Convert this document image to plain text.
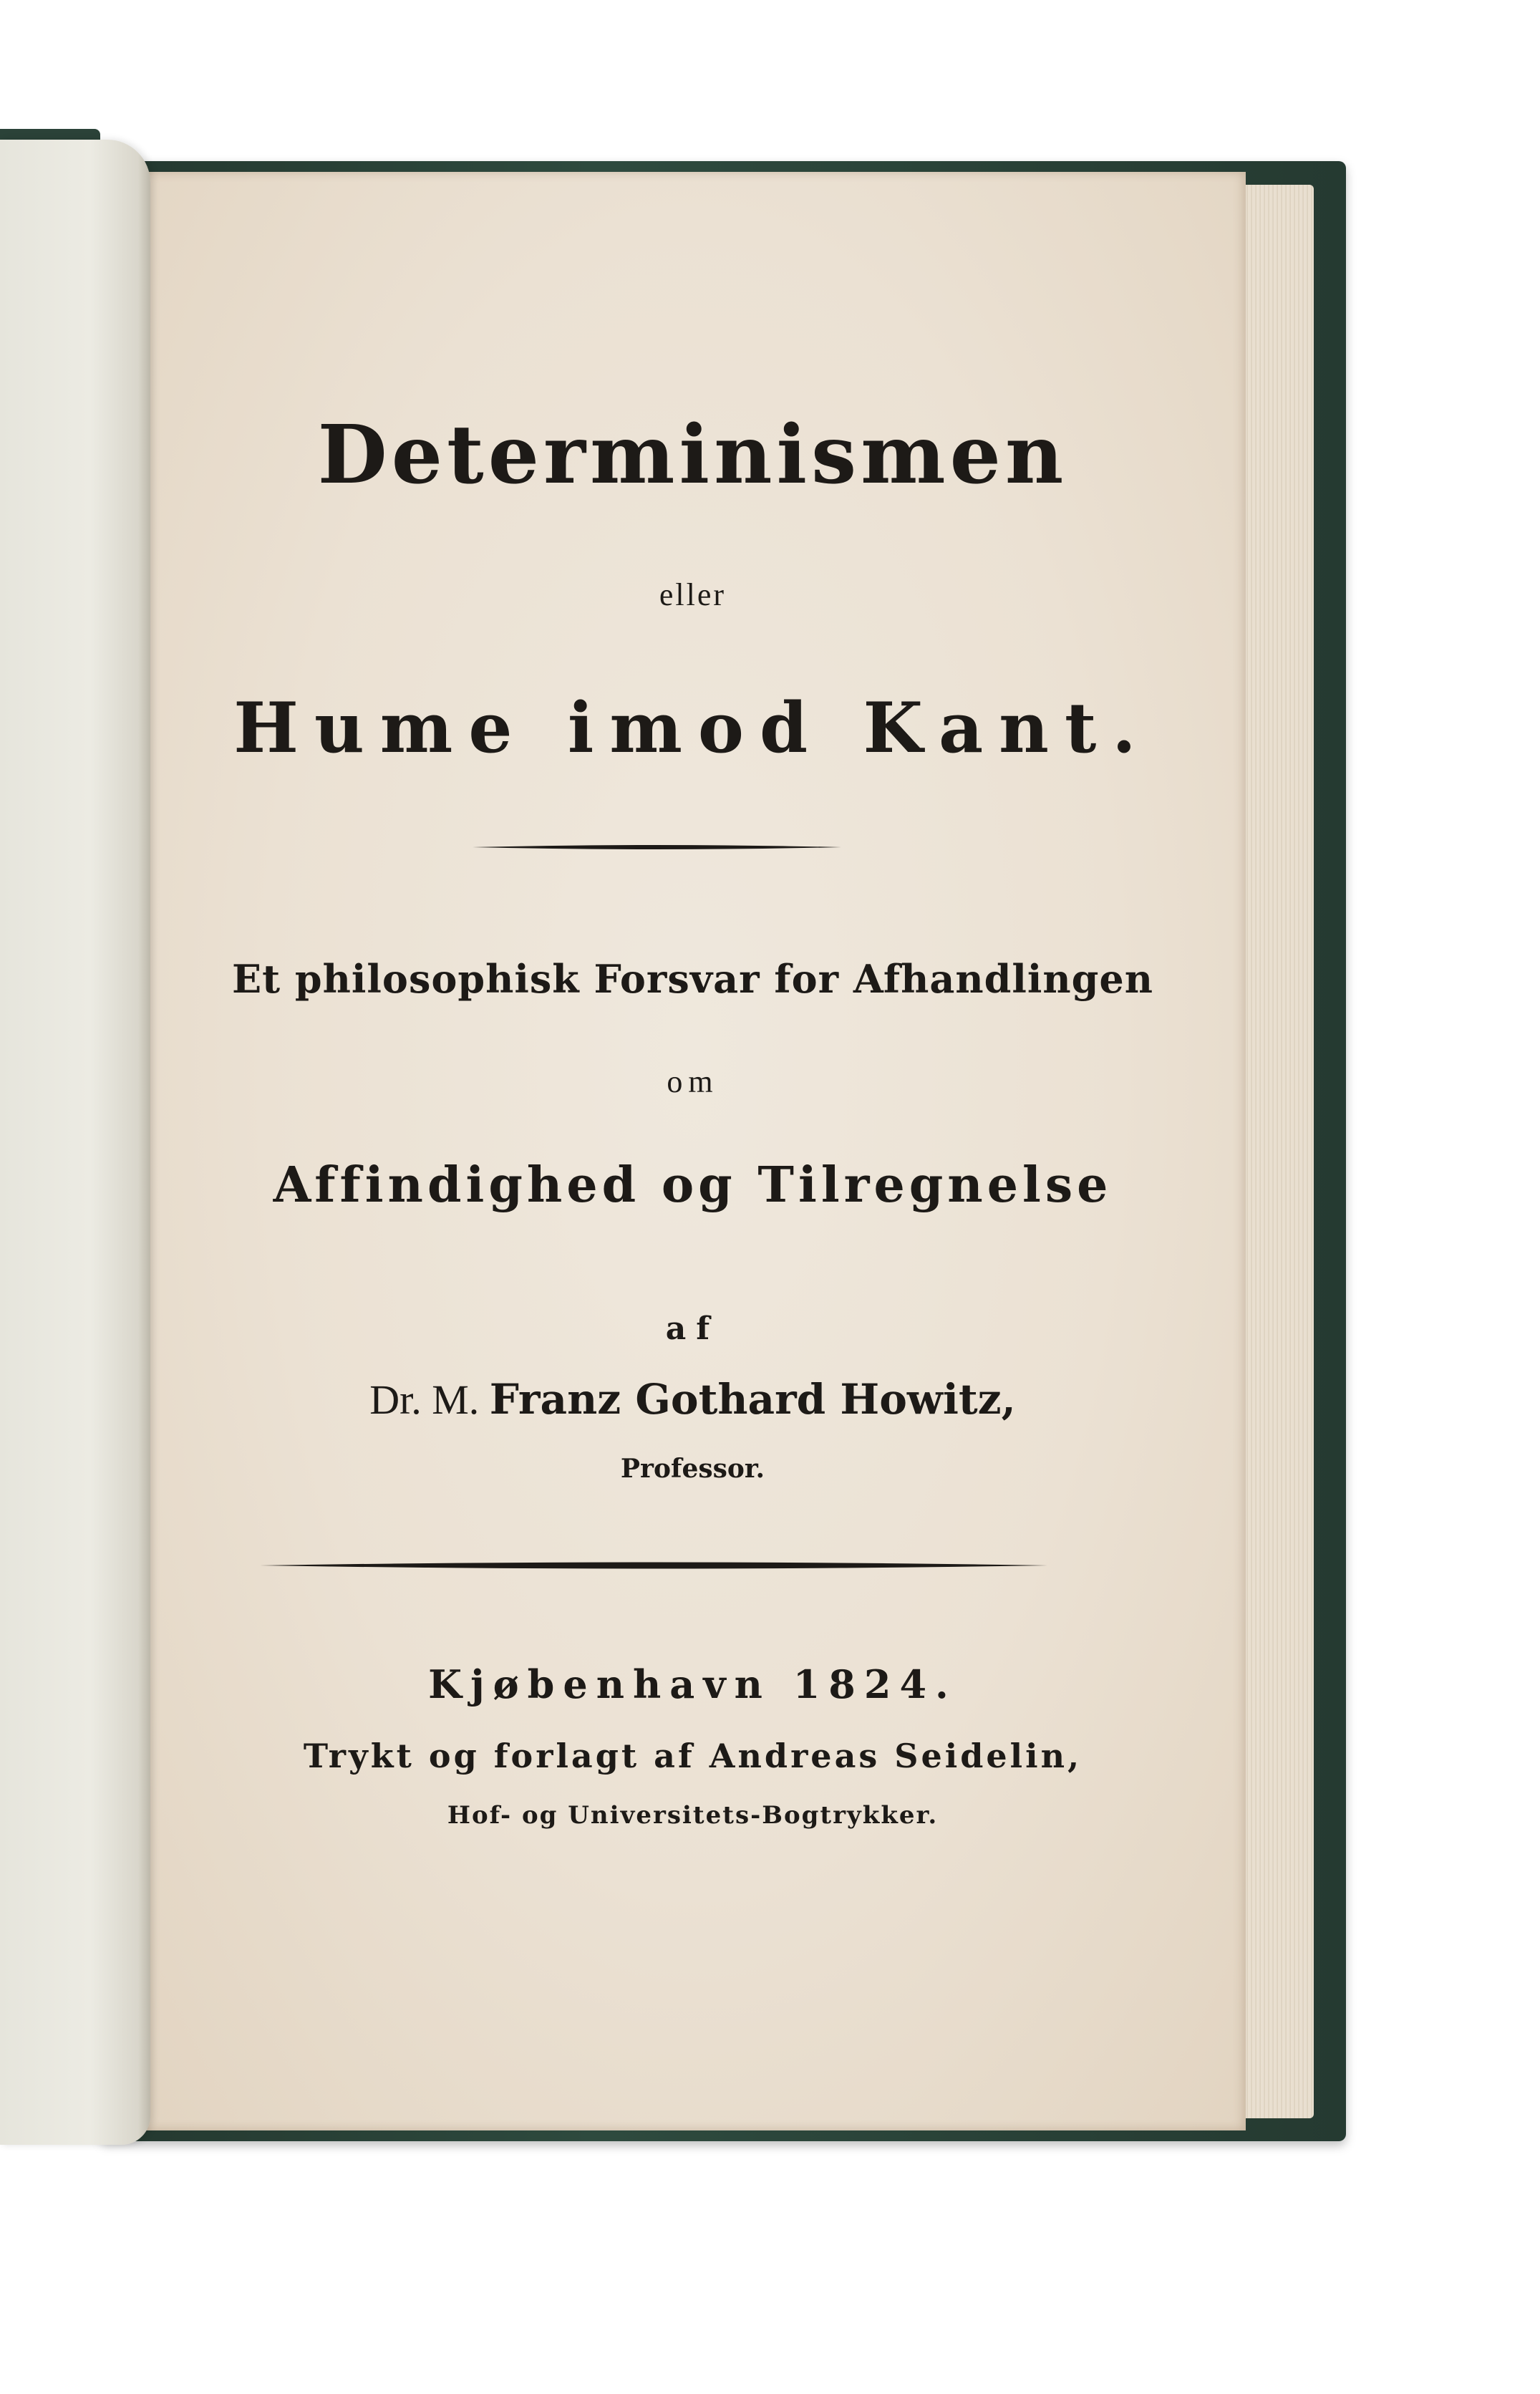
Determinismen
eller
Hume imod Kant.
Et philosophisk Forsvar for Afhandlingen
om
Affindighed og Tilregnelse
af
Dr. M. Franz Gothard Howitz,
Professor.
Kjøbenhavn 1824.
Trykt og forlagt af Andreas Seidelin,
Hof- og Universitets-Bogtrykker.
